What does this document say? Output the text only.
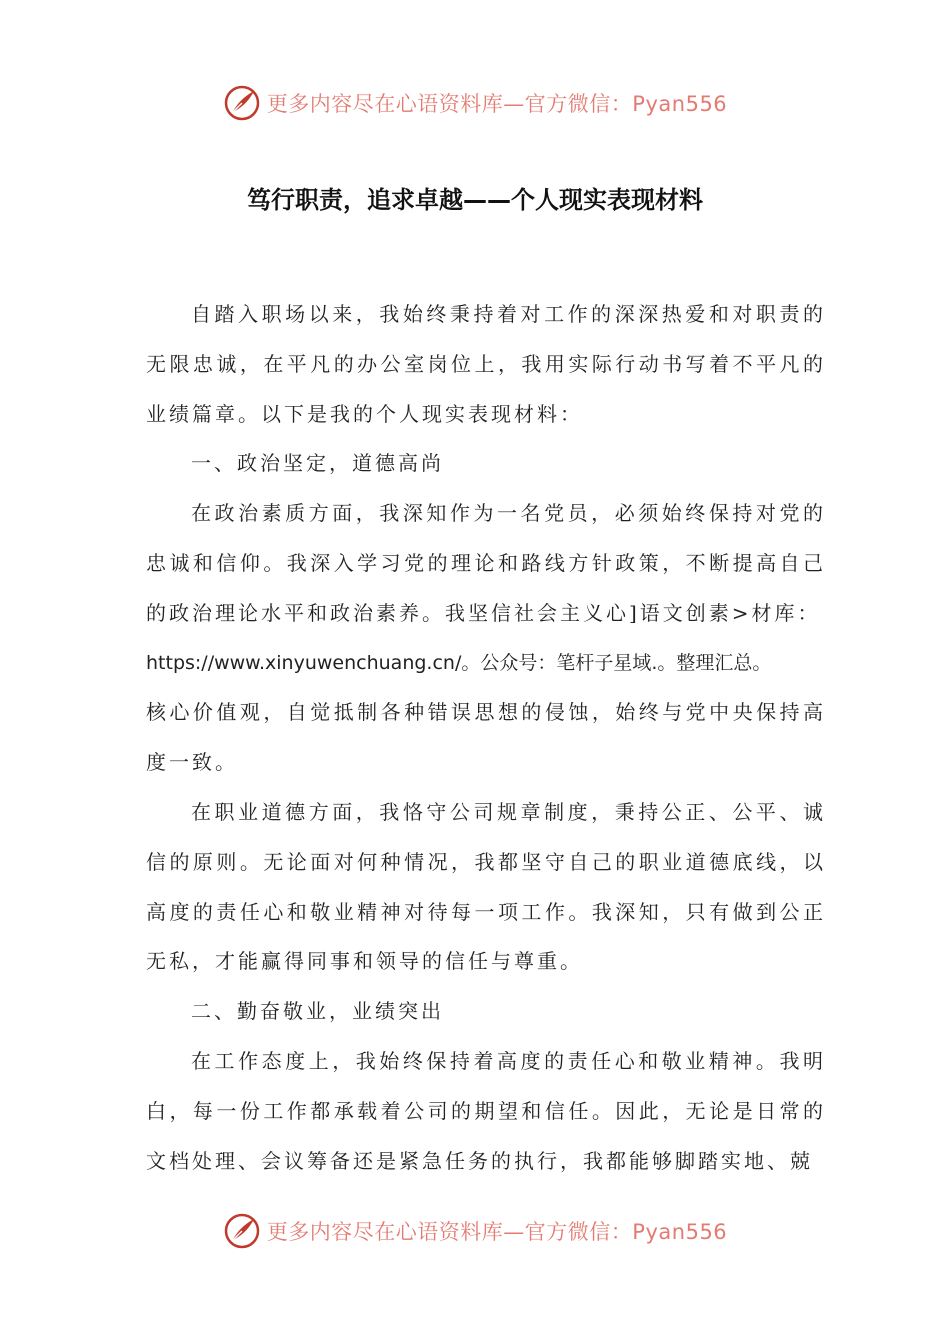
更多内容尽在心语资料库—官方微信：Pyan556
笃行职责，追求卓越——个人现实表现材料

自踏入职场以来，我始终秉持着对工作的深深热爱和对职责的无限忠诚，在平凡的办公室岗位上，我用实际行动书写着不平凡的业绩篇章。以下是我的个人现实表现材料：

一、政治坚定，道德高尚

在政治素质方面，我深知作为一名党员，必须始终保持对党的忠诚和信仰。我深入学习党的理论和路线方针政策，不断提高自己的政治理论水平和政治素养。我坚信社会主义心]语文创素>材库：

https://www.xinyuwenchuang.cn/。公众号：笔杆子星域.。整理汇总。

核心价值观，自觉抵制各种错误思想的侵蚀，始终与党中央保持高度一致。

在职业道德方面，我恪守公司规章制度，秉持公正、公平、诚信的原则。无论面对何种情况，我都坚守自己的职业道德底线，以高度的责任心和敬业精神对待每一项工作。我深知，只有做到公正无私，才能赢得同事和领导的信任与尊重。

二、勤奋敬业，业绩突出

在工作态度上，我始终保持着高度的责任心和敬业精神。我明白，每一份工作都承载着公司的期望和信任。因此，无论是日常的文档处理、会议筹备还是紧急任务的执行，我都能够脚踏实地、兢

更多内容尽在心语资料库—官方微信：Pyan556
